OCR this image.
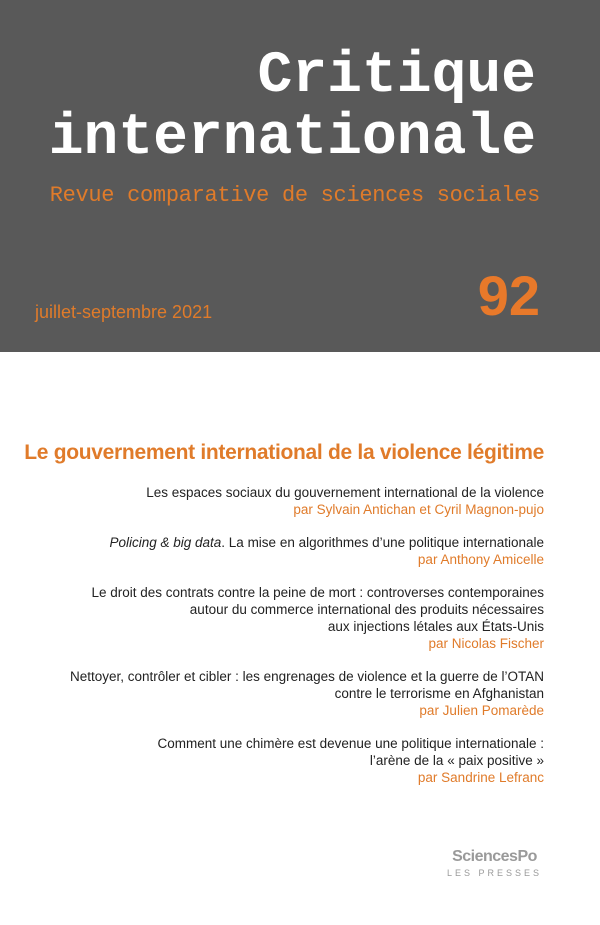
Critique
internationale
Revue comparative de sciences sociales
juillet-septembre 2021	92
Le gouvernement international de la violence légitime
Les espaces sociaux du gouvernement international de la violence
par Sylvain Antichan et Cyril Magnon-pujo
Policing & big data. La mise en algorithmes d’une politique internationale
par Anthony Amicelle
Le droit des contrats contre la peine de mort : controverses contemporaines
autour du commerce international des produits nécessaires
aux injections létales aux États-Unis
par Nicolas Fischer
Nettoyer, contrôler et cibler : les engrenages de violence et la guerre de l’OTAN
contre le terrorisme en Afghanistan
par Julien Pomarède
Comment une chimère est devenue une politique internationale :
l’arène de la « paix positive »
par Sandrine Lefranc
SciencesPo
LES PRESSES
